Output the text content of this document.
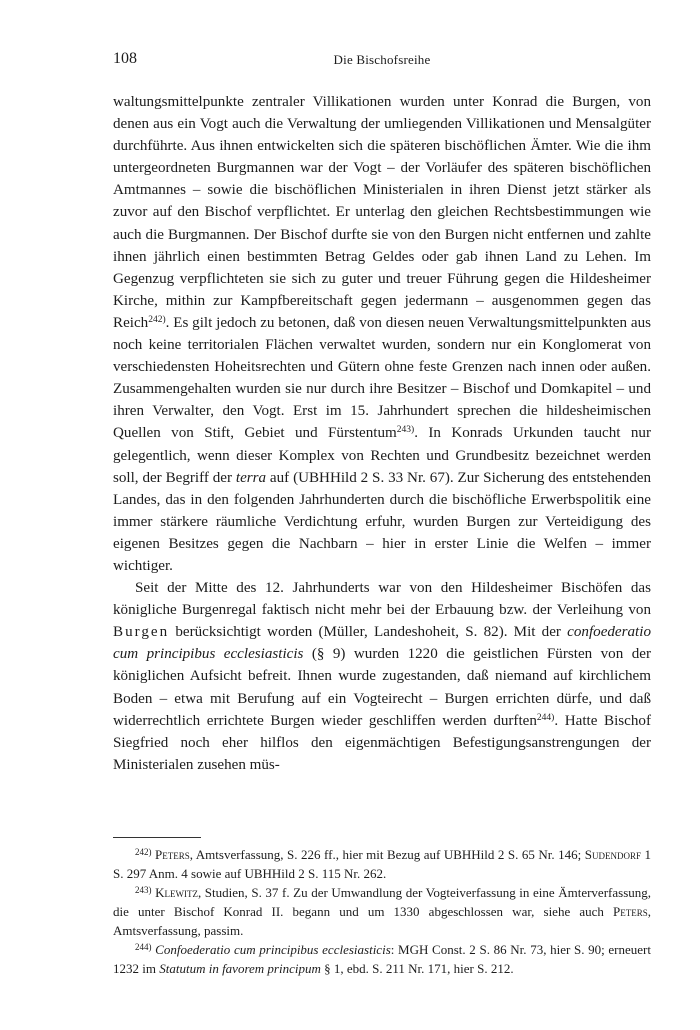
108	Die Bischofsreihe

waltungsmittelpunkte zentraler Villikationen wurden unter Konrad die Burgen, von denen aus ein Vogt auch die Verwaltung der umliegenden Villikationen und Mensalgüter durchführte. Aus ihnen entwickelten sich die späteren bischöflichen Ämter. Wie die ihm untergeordneten Burgmannen war der Vogt – der Vorläufer des späteren bischöflichen Amtmannes – sowie die bischöflichen Ministerialen in ihren Dienst jetzt stärker als zuvor auf den Bischof verpflichtet. Er unterlag den gleichen Rechtsbestimmungen wie auch die Burgmannen. Der Bischof durfte sie von den Burgen nicht entfernen und zahlte ihnen jährlich einen bestimmten Betrag Geldes oder gab ihnen Land zu Lehen. Im Gegenzug verpflichteten sie sich zu guter und treuer Führung gegen die Hildesheimer Kirche, mithin zur Kampfbereitschaft gegen jedermann – ausgenommen gegen das Reich$^{242)}$. Es gilt jedoch zu betonen, daß von diesen neuen Verwaltungsmittelpunkten aus noch keine territorialen Flächen verwaltet wurden, sondern nur ein Konglomerat von verschiedensten Hoheitsrechten und Gütern ohne feste Grenzen nach innen oder außen. Zusammengehalten wurden sie nur durch ihre Besitzer – Bischof und Domkapitel – und ihren Verwalter, den Vogt. Erst im 15. Jahrhundert sprechen die hildesheimischen Quellen von Stift, Gebiet und Fürstentum$^{243)}$. In Konrads Urkunden taucht nur gelegentlich, wenn dieser Komplex von Rechten und Grundbesitz bezeichnet werden soll, der Begriff der terra auf (UBHHild 2 S. 33 Nr. 67). Zur Sicherung des entstehenden Landes, das in den folgenden Jahrhunderten durch die bischöfliche Erwerbspolitik eine immer stärkere räumliche Verdichtung erfuhr, wurden Burgen zur Verteidigung des eigenen Besitzes gegen die Nachbarn – hier in erster Linie die Welfen – immer wichtiger.

Seit der Mitte des 12. Jahrhunderts war von den Hildesheimer Bischöfen das königliche Burgenregal faktisch nicht mehr bei der Erbauung bzw. der Verleihung von Burgen berücksichtigt worden (Müller, Landeshoheit, S. 82). Mit der confoederatio cum principibus ecclesiasticis (§ 9) wurden 1220 die geistlichen Fürsten von der königlichen Aufsicht befreit. Ihnen wurde zugestanden, daß niemand auf kirchlichem Boden – etwa mit Berufung auf ein Vogteirecht – Burgen errichten dürfe, und daß widerrechtlich errichtete Burgen wieder geschliffen werden durften$^{244)}$. Hatte Bischof Siegfried noch eher hilflos den eigenmächtigen Befestigungsanstrengungen der Ministerialen zusehen müs-

$^{242)}$ Peters, Amtsverfassung, S. 226 ff., hier mit Bezug auf UBHHild 2 S. 65 Nr. 146; Sudendorf 1 S. 297 Anm. 4 sowie auf UBHHild 2 S. 115 Nr. 262.

$^{243)}$ Klewitz, Studien, S. 37 f. Zu der Umwandlung der Vogteiverfassung in eine Ämterverfassung, die unter Bischof Konrad II. begann und um 1330 abgeschlossen war, siehe auch Peters, Amtsverfassung, passim.

$^{244)}$ Confoederatio cum principibus ecclesiasticis: MGH Const. 2 S. 86 Nr. 73, hier S. 90; erneuert 1232 im Statutum in favorem principum § 1, ebd. S. 211 Nr. 171, hier S. 212.
